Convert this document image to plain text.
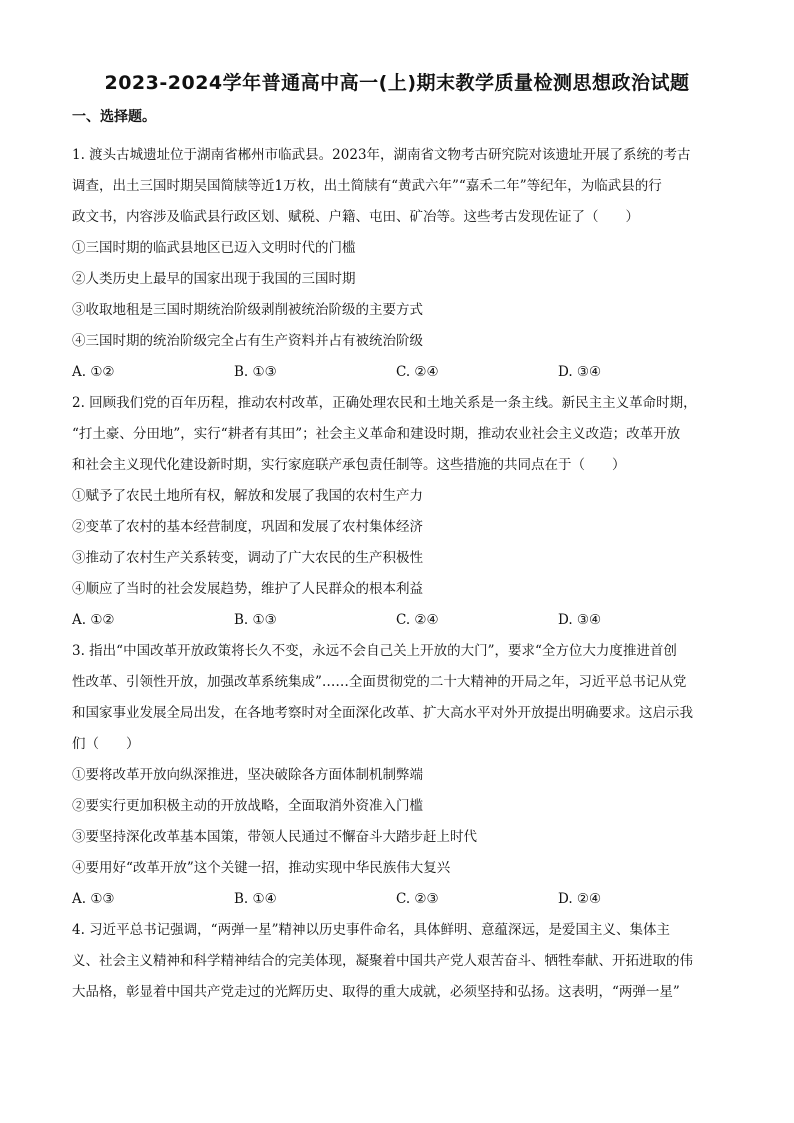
2023-2024学年普通高中高一(上)期末教学质量检测思想政治试题
一、选择题。
1. 渡头古城遗址位于湖南省郴州市临武县。2023年，湖南省文物考古研究院对该遗址开展了系统的考古
调查，出土三国时期吴国简牍等近1万枚，出土简牍有“黄武六年”“嘉禾二年”等纪年，为临武县的行
政文书，内容涉及临武县行政区划、赋税、户籍、屯田、矿冶等。这些考古发现佐证了（　　）
①三国时期的临武县地区已迈入文明时代的门槛
②人类历史上最早的国家出现于我国的三国时期
③收取地租是三国时期统治阶级剥削被统治阶级的主要方式
④三国时期的统治阶级完全占有生产资料并占有被统治阶级
A. ①②	B. ①③	C. ②④	D. ③④
2. 回顾我们党的百年历程，推动农村改革，正确处理农民和土地关系是一条主线。新民主主义革命时期，
“打土豪、分田地”，实行“耕者有其田”；社会主义革命和建设时期，推动农业社会主义改造；改革开放
和社会主义现代化建设新时期，实行家庭联产承包责任制等。这些措施的共同点在于（　　）
①赋予了农民土地所有权，解放和发展了我国的农村生产力
②变革了农村的基本经营制度，巩固和发展了农村集体经济
③推动了农村生产关系转变，调动了广大农民的生产积极性
④顺应了当时的社会发展趋势，维护了人民群众的根本利益
A. ①②	B. ①③	C. ②④	D. ③④
3. 指出“中国改革开放政策将长久不变，永远不会自己关上开放的大门”，要求“全方位大力度推进首创
性改革、引领性开放，加强改革系统集成”……全面贯彻党的二十大精神的开局之年，习近平总书记从党
和国家事业发展全局出发，在各地考察时对全面深化改革、扩大高水平对外开放提出明确要求。这启示我
们（　　）
①要将改革开放向纵深推进，坚决破除各方面体制机制弊端
②要实行更加积极主动的开放战略，全面取消外资准入门槛
③要坚持深化改革基本国策，带领人民通过不懈奋斗大踏步赶上时代
④要用好“改革开放”这个关键一招，推动实现中华民族伟大复兴
A. ①③	B. ①④	C. ②③	D. ②④
4. 习近平总书记强调，“两弹一星”精神以历史事件命名，具体鲜明、意蕴深远，是爱国主义、集体主
义、社会主义精神和科学精神结合的完美体现，凝聚着中国共产党人艰苦奋斗、牺牲奉献、开拓进取的伟
大品格，彰显着中国共产党走过的光辉历史、取得的重大成就，必须坚持和弘扬。这表明，“两弹一星”
